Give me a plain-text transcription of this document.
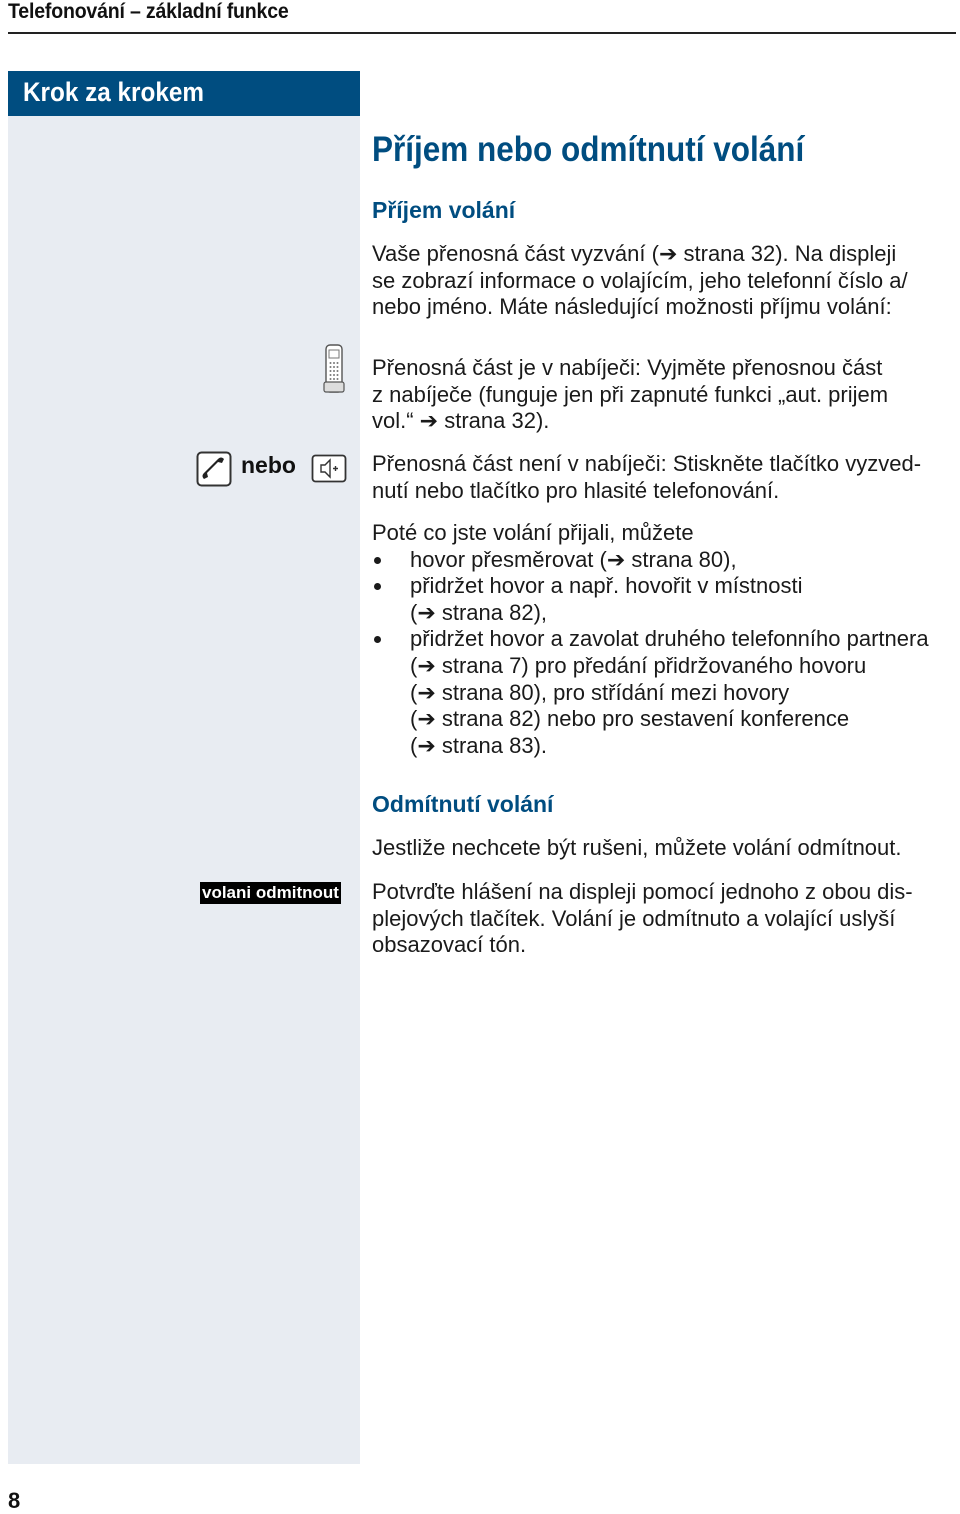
Telefonování – základní funkce
Krok za krokem
nebo
volani odmitnout
Příjem nebo odmítnutí volání
Příjem volání
Vaše přenosná část vyzvání (➔ strana 32). Na displeji
se zobrazí informace o volajícím, jeho telefonní číslo a/
nebo jméno. Máte následující možnosti příjmu volání:
Přenosná část je v nabíječi: Vyjměte přenosnou část
z nabíječe (funguje jen při zapnuté funkci „aut. prijem
vol.“ ➔ strana 32).
Přenosná část není v nabíječi: Stiskněte tlačítko vyzved-
nutí nebo tlačítko pro hlasité telefonování.
Poté co jste volání přijali, můžete
hovor přesměrovat (➔ strana 80),
přidržet hovor a např. hovořit v místnosti
(➔ strana 82),
přidržet hovor a zavolat druhého telefonního partnera
(➔ strana 7) pro předání přidržovaného hovoru
(➔ strana 80), pro střídání mezi hovory
(➔ strana 82) nebo pro sestavení konference
(➔ strana 83).
Odmítnutí volání
Jestliže nechcete být rušeni, můžete volání odmítnout.
Potvrďte hlášení na displeji pomocí jednoho z obou dis-
plejových tlačítek. Volání je odmítnuto a volající uslyší
obsazovací tón.
8
